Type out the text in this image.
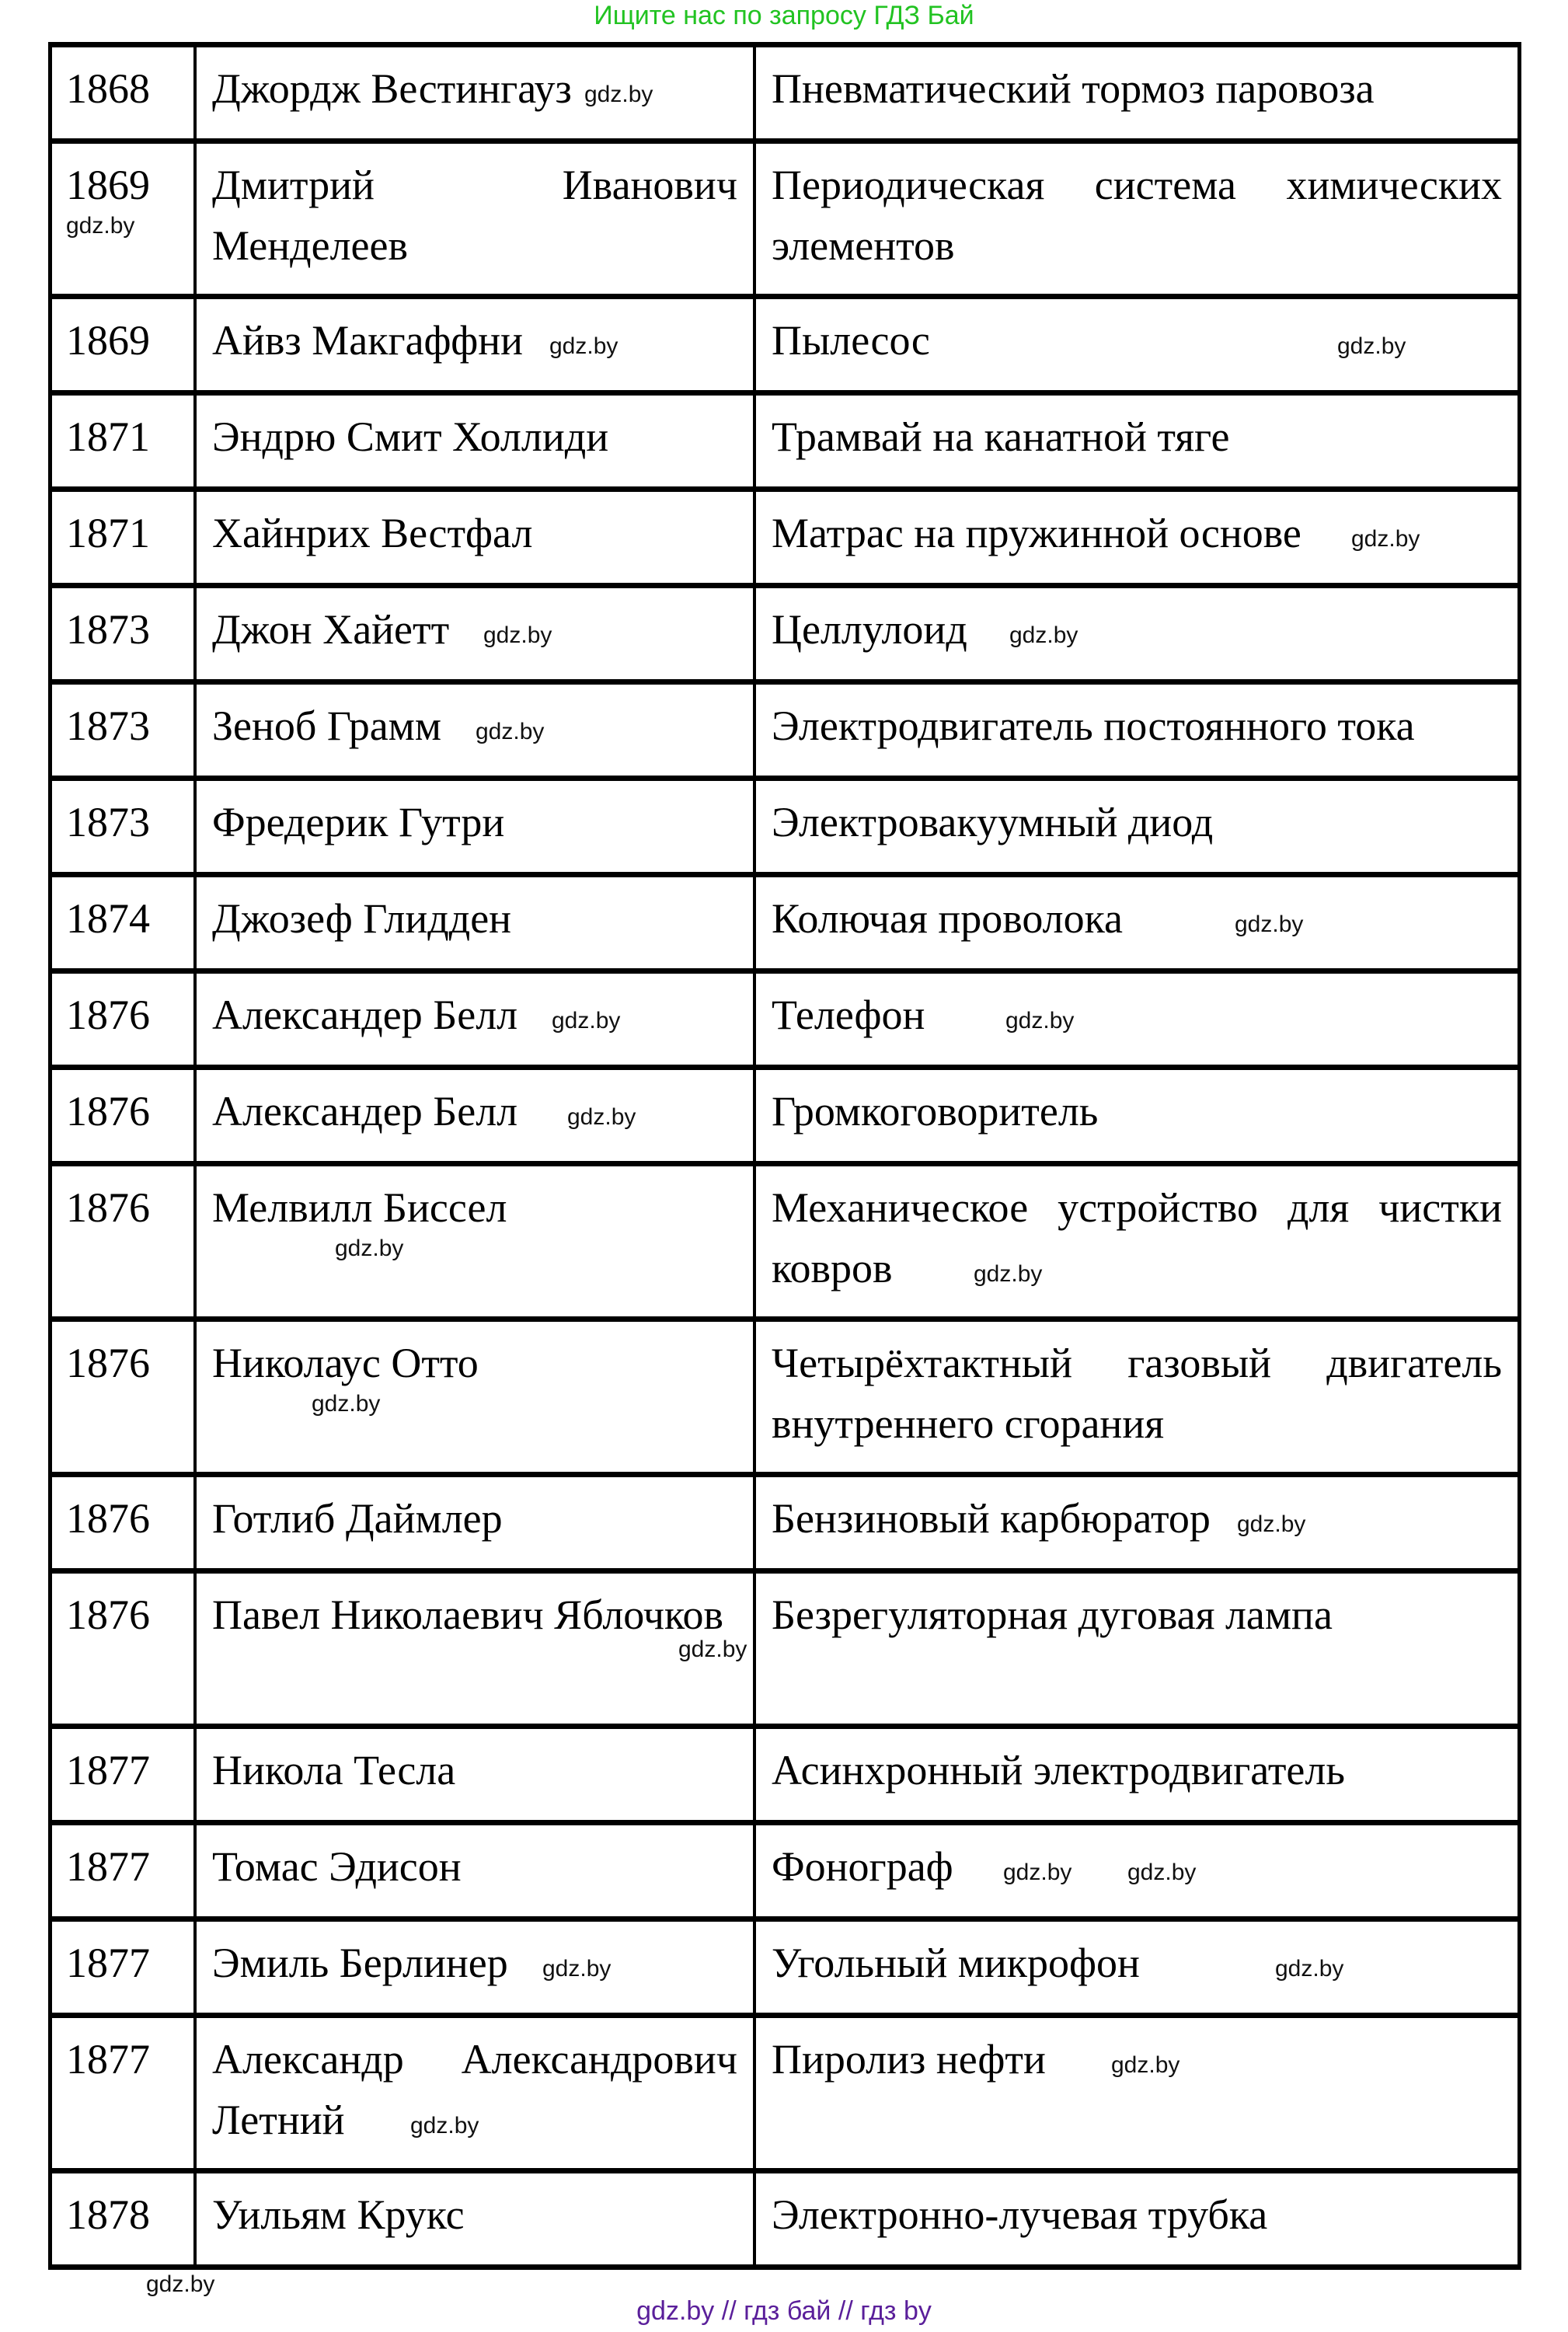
Ищите нас по запросу ГДЗ Бай
1868	Джордж Вестингауз	Пневматический тормоз паровоза
1869	Дмитрий Иванович Менделеев	Периодическая система химических элементов
1869	Айвз Макгаффни	Пылесос
1871	Эндрю Смит Холлиди	Трамвай на канатной тяге
1871	Хайнрих Вестфал	Матрас на пружинной основе
1873	Джон Хайетт	Целлулоид
1873	Зеноб Грамм	Электродвигатель постоянного тока
1873	Фредерик Гутри	Электровакуумный диод
1874	Джозеф Глидден	Колючая проволока
1876	Александер Белл	Телефон
1876	Александер Белл	Громкоговоритель
1876	Мелвилл Биссел	Механическое устройство для чистки ковров
1876	Николаус Отто	Четырёхтактный газовый двигатель внутреннего сгорания
1876	Готлиб Даймлер	Бензиновый карбюратор
1876	Павел Николаевич Яблочков	Безрегуляторная дуговая лампа
1877	Никола Тесла	Асинхронный электродвигатель
1877	Томас Эдисон	Фонограф
1877	Эмиль Берлинер	Угольный микрофон
1877	Александр Александрович Летний	Пиролиз нефти
1878	Уильям Крукс	Электронно-лучевая трубка
gdz.by
gdz.by
gdz.by	gdz.by
gdz.by
gdz.by	gdz.by
gdz.by
gdz.by
gdz.by	gdz.by
gdz.by
gdz.by
gdz.by
gdz.by
gdz.by
gdz.by
gdz.by gdz.by
gdz.by	gdz.by
gdz.by
gdz.by
gdz.by
gdz.by // гдз бай // гдз by
